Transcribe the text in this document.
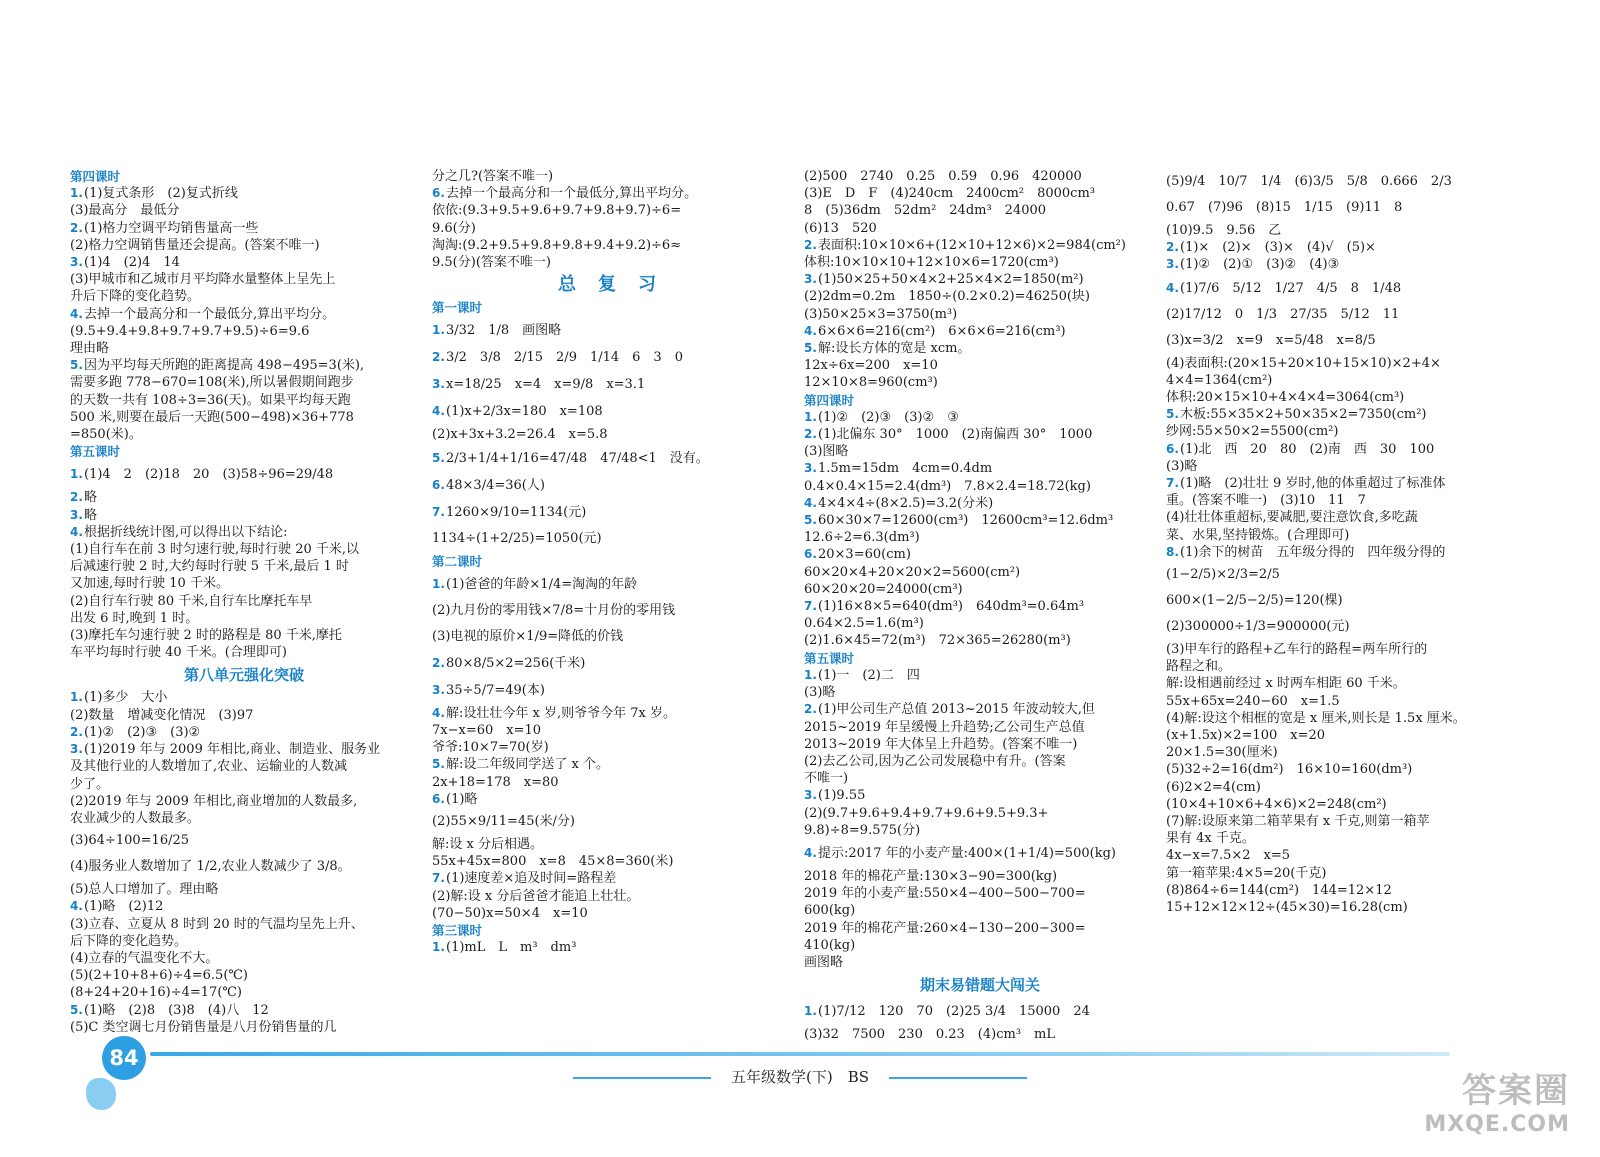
第四课时
1.(1)复式条形　(2)复式折线
(3)最高分　最低分
2.(1)格力空调平均销售量高一些
(2)格力空调销售量还会提高。(答案不唯一)
3.(1)4　(2)4　14
(3)甲城市和乙城市月平均降水量整体上呈先上
升后下降的变化趋势。
4.去掉一个最高分和一个最低分,算出平均分。
(9.5+9.4+9.8+9.7+9.7+9.5)÷6=9.6
理由略
5.因为平均每天所跑的距离提高 498−495=3(米),
需要多跑 778−670=108(米),所以暑假期间跑步
的天数一共有 108÷3=36(天)。如果平均每天跑
500 米,则要在最后一天跑(500−498)×36+778
=850(米)。
第五课时
1.(1)4　2　(2)18　20　(3)58÷96=29/48
2.略
3.略
4.根据折线统计图,可以得出以下结论:
(1)自行车在前 3 时匀速行驶,每时行驶 20 千米,以
后减速行驶 2 时,大约每时行驶 5 千米,最后 1 时
又加速,每时行驶 10 千米。
(2)自行车行驶 80 千米,自行车比摩托车早
出发 6 时,晚到 1 时。
(3)摩托车匀速行驶 2 时的路程是 80 千米,摩托
车平均每时行驶 40 千米。(合理即可)
第八单元强化突破
1.(1)多少　大小
(2)数量　增减变化情况　(3)97
2.(1)②　(2)③　(3)②
3.(1)2019 年与 2009 年相比,商业、制造业、服务业
及其他行业的人数增加了,农业、运输业的人数减
少了。
(2)2019 年与 2009 年相比,商业增加的人数最多,
农业减少的人数最多。
(3)64÷100=16/25
(4)服务业人数增加了 1/2,农业人数减少了 3/8。
(5)总人口增加了。理由略
4.(1)略　(2)12
(3)立春、立夏从 8 时到 20 时的气温均呈先上升、
后下降的变化趋势。
(4)立春的气温变化不大。
(5)(2+10+8+6)÷4=6.5(℃)
(8+24+20+16)÷4=17(℃)
5.(1)略　(2)8　(3)8　(4)八　12
(5)C 类空调七月份销售量是八月份销售量的几
分之几?(答案不唯一)
6.去掉一个最高分和一个最低分,算出平均分。
依依:(9.3+9.5+9.6+9.7+9.8+9.7)÷6=
9.6(分)
淘淘:(9.2+9.5+9.8+9.8+9.4+9.2)÷6≈
9.5(分)(答案不唯一)
总复习
第一课时
1.3/32　1/8　画图略
2.3/2　3/8　2/15　2/9　1/14　6　3　0
3.x=18/25　x=4　x=9/8　x=3.1
4.(1)x+2/3x=180　x=108
(2)x+3x+3.2=26.4　x=5.8
5.2/3+1/4+1/16=47/48　47/48<1　没有。
6.48×3/4=36(人)
7.1260×9/10=1134(元)
1134÷(1+2/25)=1050(元)
第二课时
1.(1)爸爸的年龄×1/4=淘淘的年龄
(2)九月份的零用钱×7/8=十月份的零用钱
(3)电视的原价×1/9=降低的价钱
2.80×8/5×2=256(千米)
3.35÷5/7=49(本)
4.解:设壮壮今年 x 岁,则爷爷今年 7x 岁。
7x−x=60　x=10
爷爷:10×7=70(岁)
5.解:设二年级同学送了 x 个。
2x+18=178　x=80
6.(1)略
(2)55×9/11=45(米/分)
解:设 x 分后相遇。
55x+45x=800　x=8　45×8=360(米)
7.(1)速度差×追及时间=路程差
(2)解:设 x 分后爸爸才能追上壮壮。
(70−50)x=50×4　x=10
第三课时
1.(1)mL　L　m³　dm³
(2)500　2740　0.25　0.59　0.96　420000
(3)E　D　F　(4)240cm　2400cm²　8000cm³
8　(5)36dm　52dm²　24dm³　24000
(6)13　520
2.表面积:10×10×6+(12×10+12×6)×2=984(cm²)
体积:10×10×10+12×10×6=1720(cm³)
3.(1)50×25+50×4×2+25×4×2=1850(m²)
(2)2dm=0.2m　1850÷(0.2×0.2)=46250(块)
(3)50×25×3=3750(m³)
4.6×6×6=216(cm²)　6×6×6=216(cm³)
5.解:设长方体的宽是 xcm。
12x÷6x=200　x=10
12×10×8=960(cm³)
第四课时
1.(1)②　(2)③　(3)②　③
2.(1)北偏东 30°　1000　(2)南偏西 30°　1000
(3)图略
3.1.5m=15dm　4cm=0.4dm
0.4×0.4×15=2.4(dm³)　7.8×2.4=18.72(kg)
4.4×4×4÷(8×2.5)=3.2(分米)
5.60×30×7=12600(cm³)　12600cm³=12.6dm³
12.6÷2=6.3(dm³)
6.20×3=60(cm)
60×20×4+20×20×2=5600(cm²)
60×20×20=24000(cm³)
7.(1)16×8×5=640(dm³)　640dm³=0.64m³
0.64×2.5=1.6(m³)
(2)1.6×45=72(m³)　72×365=26280(m³)
第五课时
1.(1)一　(2)二　四
(3)略
2.(1)甲公司生产总值 2013~2015 年波动较大,但
2015~2019 年呈缓慢上升趋势;乙公司生产总值
2013~2019 年大体呈上升趋势。(答案不唯一)
(2)去乙公司,因为乙公司发展稳中有升。(答案
不唯一)
3.(1)9.55
(2)(9.7+9.6+9.4+9.7+9.6+9.5+9.3+
9.8)÷8=9.575(分)
4.提示:2017 年的小麦产量:400×(1+1/4)=500(kg)
2018 年的棉花产量:130×3−90=300(kg)
2019 年的小麦产量:550×4−400−500−700=
600(kg)
2019 年的棉花产量:260×4−130−200−300=
410(kg)
画图略
期末易错题大闯关
1.(1)7/12　120　70　(2)25 3/4　15000　24
(3)32　7500　230　0.23　(4)cm³　mL
(5)9/4　10/7　1/4　(6)3/5　5/8　0.666　2/3
0.67　(7)96　(8)15　1/15　(9)11　8
(10)9.5　9.56　乙
2.(1)×　(2)×　(3)×　(4)√　(5)×
3.(1)②　(2)①　(3)②　(4)③
4.(1)7/6　5/12　1/27　4/5　8　1/48
(2)17/12　0　1/3　27/35　5/12　11
(3)x=3/2　x=9　x=5/48　x=8/5
(4)表面积:(20×15+20×10+15×10)×2+4×
4×4=1364(cm²)
体积:20×15×10+4×4×4=3064(cm³)
5.木板:55×35×2+50×35×2=7350(cm²)
纱网:55×50×2=5500(cm²)
6.(1)北　西　20　80　(2)南　西　30　100
(3)略
7.(1)略　(2)壮壮 9 岁时,他的体重超过了标准体
重。(答案不唯一)　(3)10　11　7
(4)壮壮体重超标,要减肥,要注意饮食,多吃蔬
菜、水果,坚持锻炼。(合理即可)
8.(1)余下的树苗　五年级分得的　四年级分得的
(1−2/5)×2/3=2/5
600×(1−2/5−2/5)=120(棵)
(2)300000÷1/3=900000(元)
(3)甲车行的路程+乙车行的路程=两车所行的
路程之和。
解:设相遇前经过 x 时两车相距 60 千米。
55x+65x=240−60　x=1.5
(4)解:设这个相框的宽是 x 厘米,则长是 1.5x 厘米。
(x+1.5x)×2=100　x=20
20×1.5=30(厘米)
(5)32÷2=16(dm²)　16×10=160(dm³)
(6)2×2=4(cm)
(10×4+10×6+4×6)×2=248(cm²)
(7)解:设原来第二箱苹果有 x 千克,则第一箱苹
果有 4x 千克。
4x−x=7.5×2　x=5
第一箱苹果:4×5=20(千克)
(8)864÷6=144(cm²)　144=12×12
15+12×12×12÷(45×30)=16.28(cm)
84
五年级数学(下)　BS	答案圈
MXQE.COM
